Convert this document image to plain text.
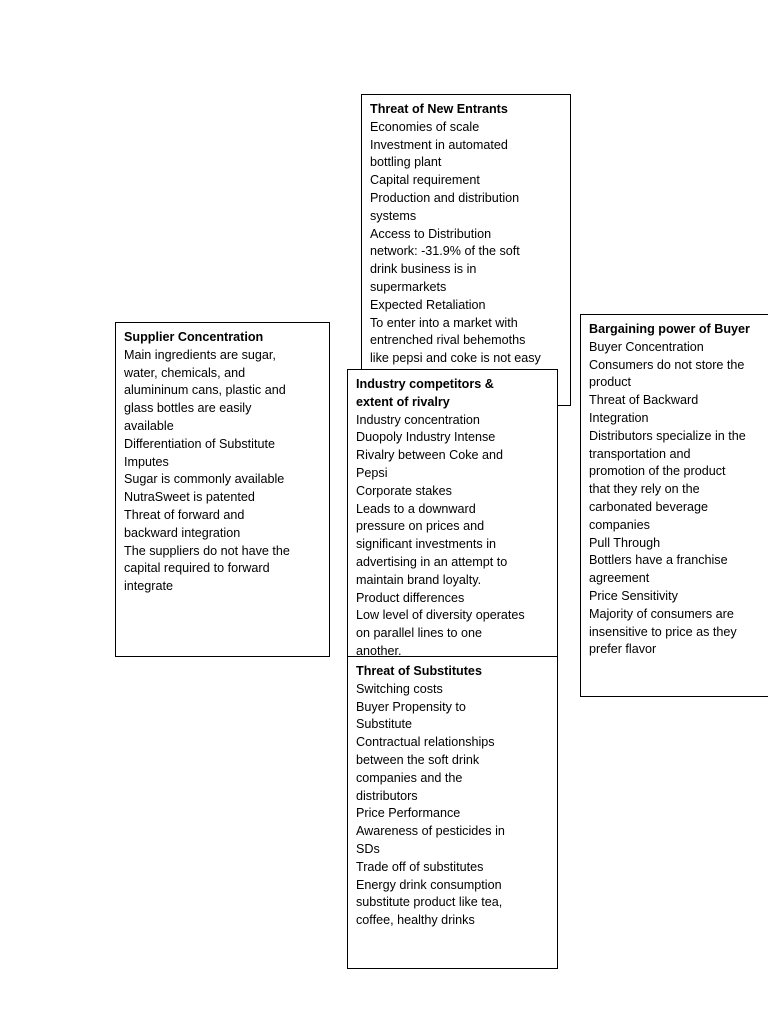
Threat of New Entrants
Economies of scale
Investment in automated
bottling plant
Capital requirement
Production and distribution
systems
Access to Distribution
network: -31.9% of the soft
drink business is in
supermarkets
Expected Retaliation
To enter into a market with
entrenched rival behemoths
like pepsi and coke is not easy
Supplier Concentration
Main ingredients are sugar,
water, chemicals, and
alumininum cans, plastic and
glass bottles are easily
available
Differentiation of Substitute
Imputes
Sugar is commonly available
NutraSweet is patented
Threat of forward and
backward integration
The suppliers do not have the
capital required to forward
integrate
Bargaining power of Buyer
Buyer Concentration
Consumers do not store the
product
Threat of Backward
Integration
Distributors specialize in the
transportation and
promotion of the product
that they rely on the
carbonated beverage
companies
Pull Through
Bottlers have a franchise
agreement
Price Sensitivity
Majority of consumers are
insensitive to price as they
prefer flavor
Industry competitors &
extent of rivalry
Industry concentration
Duopoly Industry Intense
Rivalry between Coke and
Pepsi
Corporate stakes
Leads to a downward
pressure on prices and
significant investments in
advertising in an attempt to
maintain brand loyalty.
Product differences
Low level of diversity operates
on parallel lines to one
another.
Threat of Substitutes
Switching costs
Buyer Propensity to
Substitute
Contractual relationships
between the soft drink
companies and the
distributors
Price Performance
Awareness of pesticides in
SDs
Trade off of substitutes
Energy drink consumption
substitute product like tea,
coffee, healthy drinks
